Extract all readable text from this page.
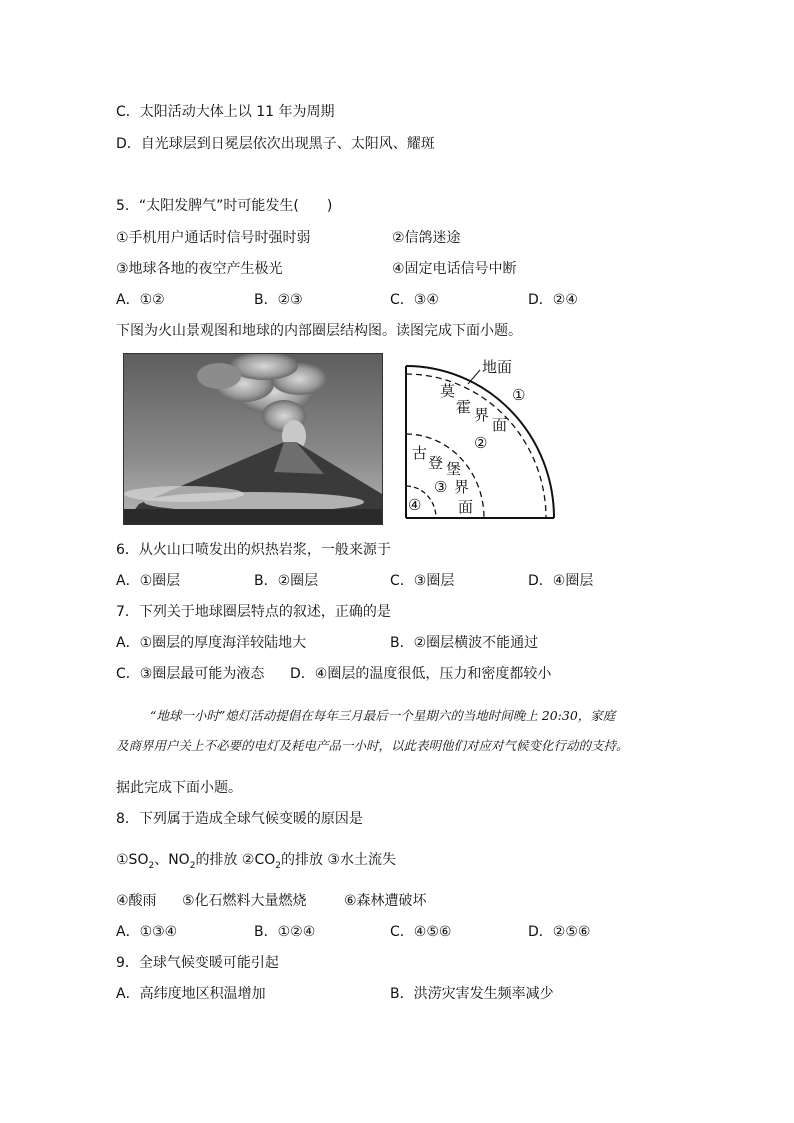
C．太阳活动大体上以 11 年为周期
D．自光球层到日冕层依次出现黑子、太阳风、耀斑
5．“太阳发脾气”时可能发生(　　)
①手机用户通话时信号时强时弱	②信鸽迷途
③地球各地的夜空产生极光	④固定电话信号中断
A．①②	B．②③	C．③④	D．②④
下图为火山景观图和地球的内部圈层结构图。读图完成下面小题。
地面
莫
霍 界
面
①
②
古
登 堡
界
面
③
④
6．从火山口喷发出的炽热岩浆，一般来源于
A．①圈层	B．②圈层	C．③圈层	D．④圈层
7．下列关于地球圈层特点的叙述，正确的是
A．①圈层的厚度海洋较陆地大	B．②圈层横波不能通过
C．③圈层最可能为液态 D．④圈层的温度很低，压力和密度都较小
“地球一小时”熄灯活动提倡在每年三月最后一个星期六的当地时间晚上 20:30，家庭
及商界用户关上不必要的电灯及耗电产品一小时，以此表明他们对应对气候变化行动的支持。
据此完成下面小题。
8．下列属于造成全球气候变暖的原因是
$①SO_2$、$NO_2$的排放 $②CO_2$的排放 ③水土流失
④酸雨 ⑤化石燃料大量燃烧	⑥森林遭破坏
A．①③④	B．①②④	C．④⑤⑥	D．②⑤⑥
9．全球气候变暖可能引起
A．高纬度地区积温增加	B．洪涝灾害发生频率减少
